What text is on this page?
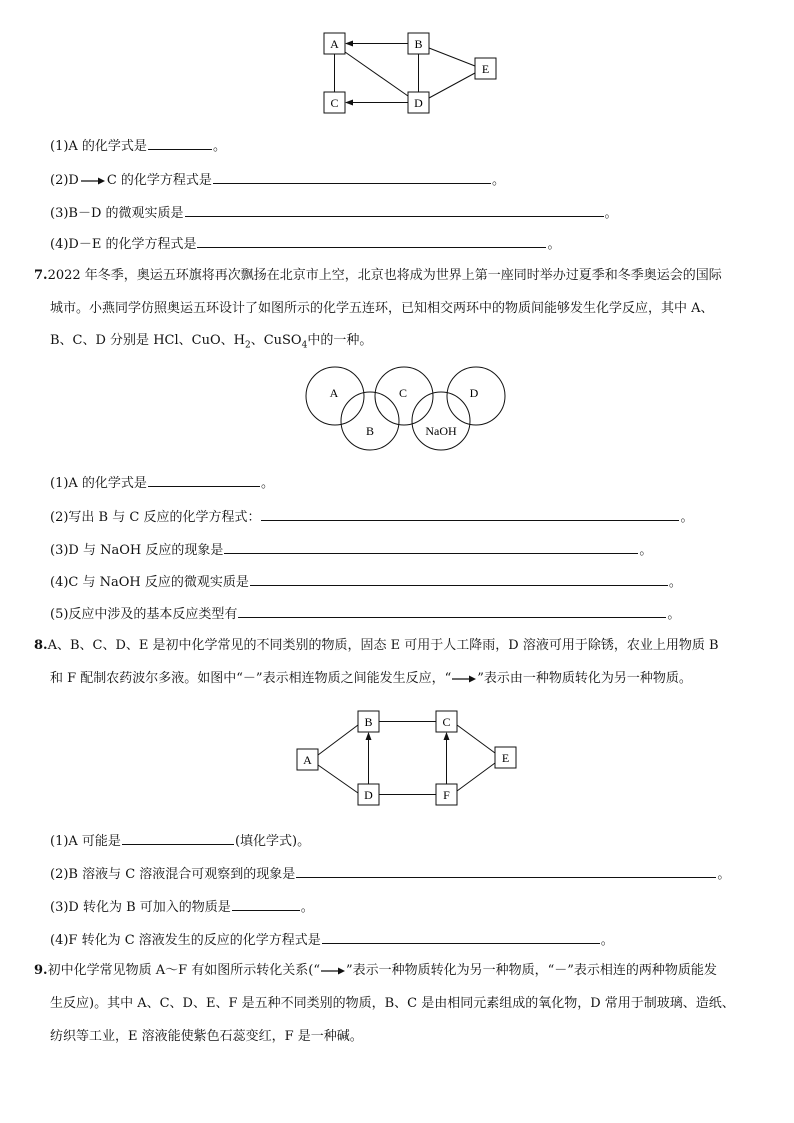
A	B
C	D
E
(1)A 的化学式是	。
(2)D C 的化学方程式是	。
(3)B－D 的微观实质是	。
(4)D－E 的化学方程式是	。
7.2022 年冬季，奥运五环旗将再次飘扬在北京市上空，北京也将成为世界上第一座同时举办过夏季和冬季奥运会的国际
城市。小燕同学仿照奥运五环设计了如图所示的化学五连环，已知相交两环中的物质间能够发生化学反应，其中 A、
B、C、D 分别是 HCl、CuO、$H_2$、CuSO$_4$中的一种。
A
B
C
NaOH
D
(1)A 的化学式是	。
(2)写出 B 与 C 反应的化学方程式：	。
(3)D 与 NaOH 反应的现象是	。
(4)C 与 NaOH 反应的微观实质是	。
(5)反应中涉及的基本反应类型有	。
8.A、B、C、D、E 是初中化学常见的不同类别的物质，固态 E 可用于人工降雨，D 溶液可用于除锈，农业上用物质 B
和 F 配制农药波尔多液。如图中“－”表示相连物质之间能发生反应，“ ”表示由一种物质转化为另一种物质。
A
B	C
D	F
E
(1)A 可能是	(填化学式)。
(2)B 溶液与 C 溶液混合可观察到的现象是	。
(3)D 转化为 B 可加入的物质是	。
(4)F 转化为 C 溶液发生的反应的化学方程式是	。
9.初中化学常见物质 A～F 有如图所示转化关系(“ ”表示一种物质转化为另一种物质，“－”表示相连的两种物质能发
生反应)。其中 A、C、D、E、F 是五种不同类别的物质，B、C 是由相同元素组成的氧化物，D 常用于制玻璃、造纸、
纺织等工业，E 溶液能使紫色石蕊变红，F 是一种碱。
